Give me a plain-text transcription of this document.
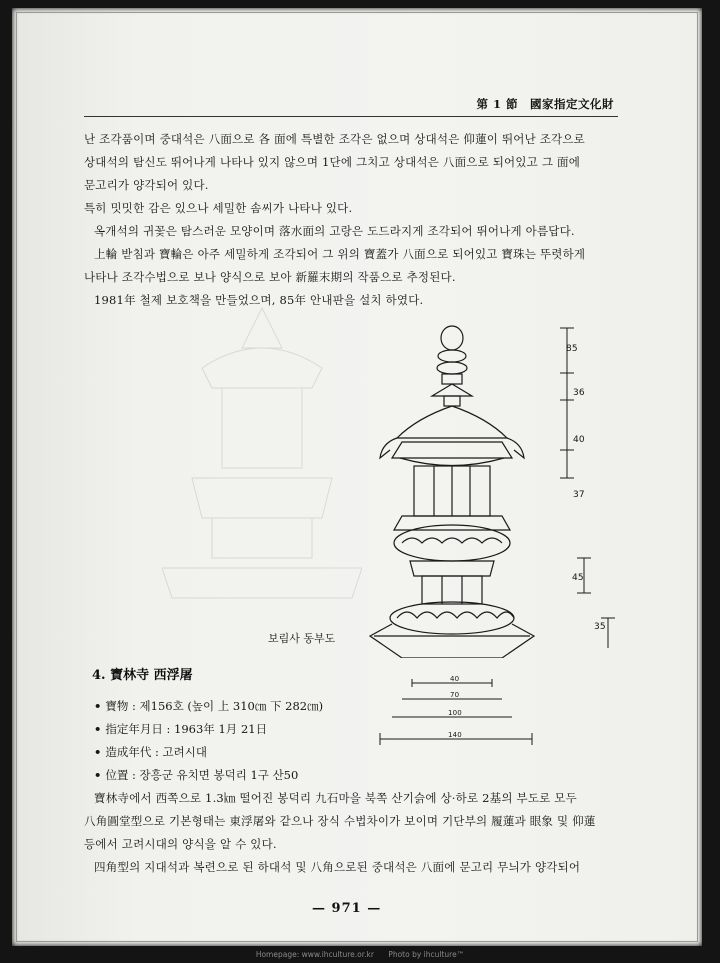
第 1 節　國家指定文化財
난 조각품이며 중대석은 八面으로 各 面에 특별한 조각은 없으며 상대석은 仰蓮이 뛰어난 조각으로
상대석의 탐신도 뛰어나게 나타나 있지 않으며 1단에 그치고 상대석은 八面으로 되어있고 그 面에
문고리가 양각되어 있다.
특히 밋밋한 감은 있으나 세밀한 솜씨가 나타나 있다.
옥개석의 귀꽃은 탐스러운 모양이며 落水面의 고랑은 도드라지게 조각되어 뛰어나게 아름답다.
上輪 받침과 寶輪은 아주 세밀하게 조각되어 그 위의 寶蓋가 八面으로 되어있고 寶珠는 뚜렷하게
나타나 조각수법으로 보나 양식으로 보아 新羅末期의 작품으로 추정된다.
1981年 철제 보호책을 만들었으며, 85年 안내판을 설치 하였다.
85
36
40
37
45
35
보림사 동부도
4. 寶林寺 西浮屠
• 寶物 : 제156호 (높이 上 310㎝ 下 282㎝)
• 指定年月日 : 1963年 1月 21日
• 造成年代 : 고려시대
• 位置 : 장흥군 유치면 봉덕리 1구 산50
40
70
100
140
寶林寺에서 西쪽으로 1.3㎞ 떨어진 봉덕리 九石마을 북쪽 산기슭에 상·하로 2基의 부도로 모두
八角圓堂型으로 기본형태는 東浮屠와 같으나 장식 수법차이가 보이며 기단부의 履蓮과 眼象 및 仰蓮
등에서 고려시대의 양식을 알 수 있다.
四角型의 지대석과 복련으로 된 하대석 및 八角으로된 중대석은 八面에 문고리 무늬가 양각되어
— 971 —
Homepage: www.ihculture.or.kr Photo by ihculture™
